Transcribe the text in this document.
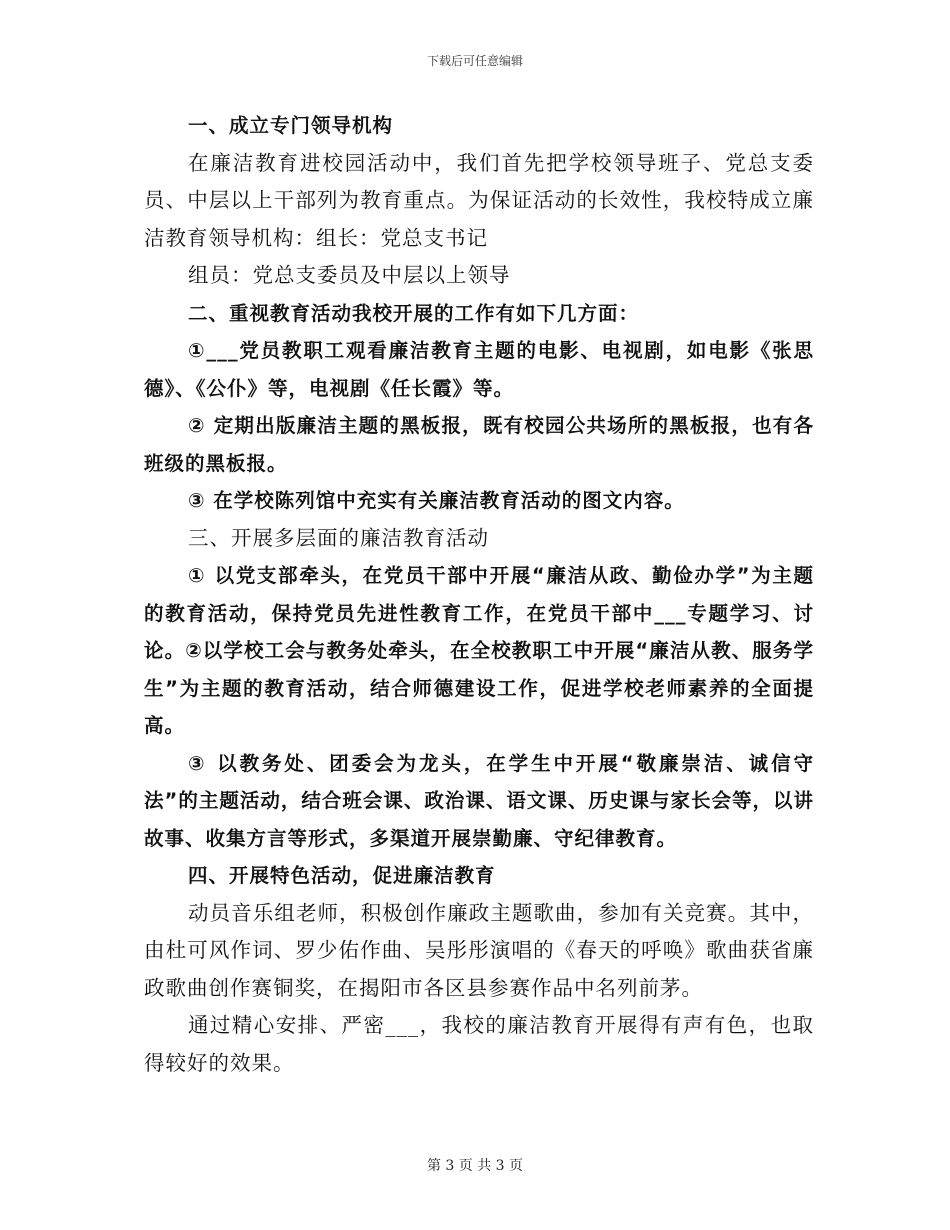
下载后可任意编辑

一、成立专门领导机构

在廉洁教育进校园活动中，我们首先把学校领导班子、党总支委员、中层以上干部列为教育重点。为保证活动的长效性，我校特成立廉洁教育领导机构：组长：党总支书记

组员：党总支委员及中层以上领导

二、重视教育活动我校开展的工作有如下几方面：

①___党员教职工观看廉洁教育主题的电影、电视剧，如电影《张思德》、《公仆》等，电视剧《任长霞》等。

② 定期出版廉洁主题的黑板报，既有校园公共场所的黑板报，也有各班级的黑板报。

③ 在学校陈列馆中充实有关廉洁教育活动的图文内容。

三、开展多层面的廉洁教育活动

① 以党支部牵头，在党员干部中开展“廉洁从政、勤俭办学”为主题的教育活动，保持党员先进性教育工作，在党员干部中___专题学习、讨论。②以学校工会与教务处牵头，在全校教职工中开展“廉洁从教、服务学生”为主题的教育活动，结合师德建设工作，促进学校老师素养的全面提高。

③ 以教务处、团委会为龙头，在学生中开展“敬廉崇洁、诚信守法”的主题活动，结合班会课、政治课、语文课、历史课与家长会等，以讲故事、收集方言等形式，多渠道开展崇勤廉、守纪律教育。

四、开展特色活动，促进廉洁教育

动员音乐组老师，积极创作廉政主题歌曲，参加有关竞赛。其中，由杜可风作词、罗少佑作曲、吴彤彤演唱的《春天的呼唤》歌曲获省廉政歌曲创作赛铜奖，在揭阳市各区县参赛作品中名列前茅。

通过精心安排、严密___，我校的廉洁教育开展得有声有色，也取得较好的效果。

第 3 页 共 3 页
